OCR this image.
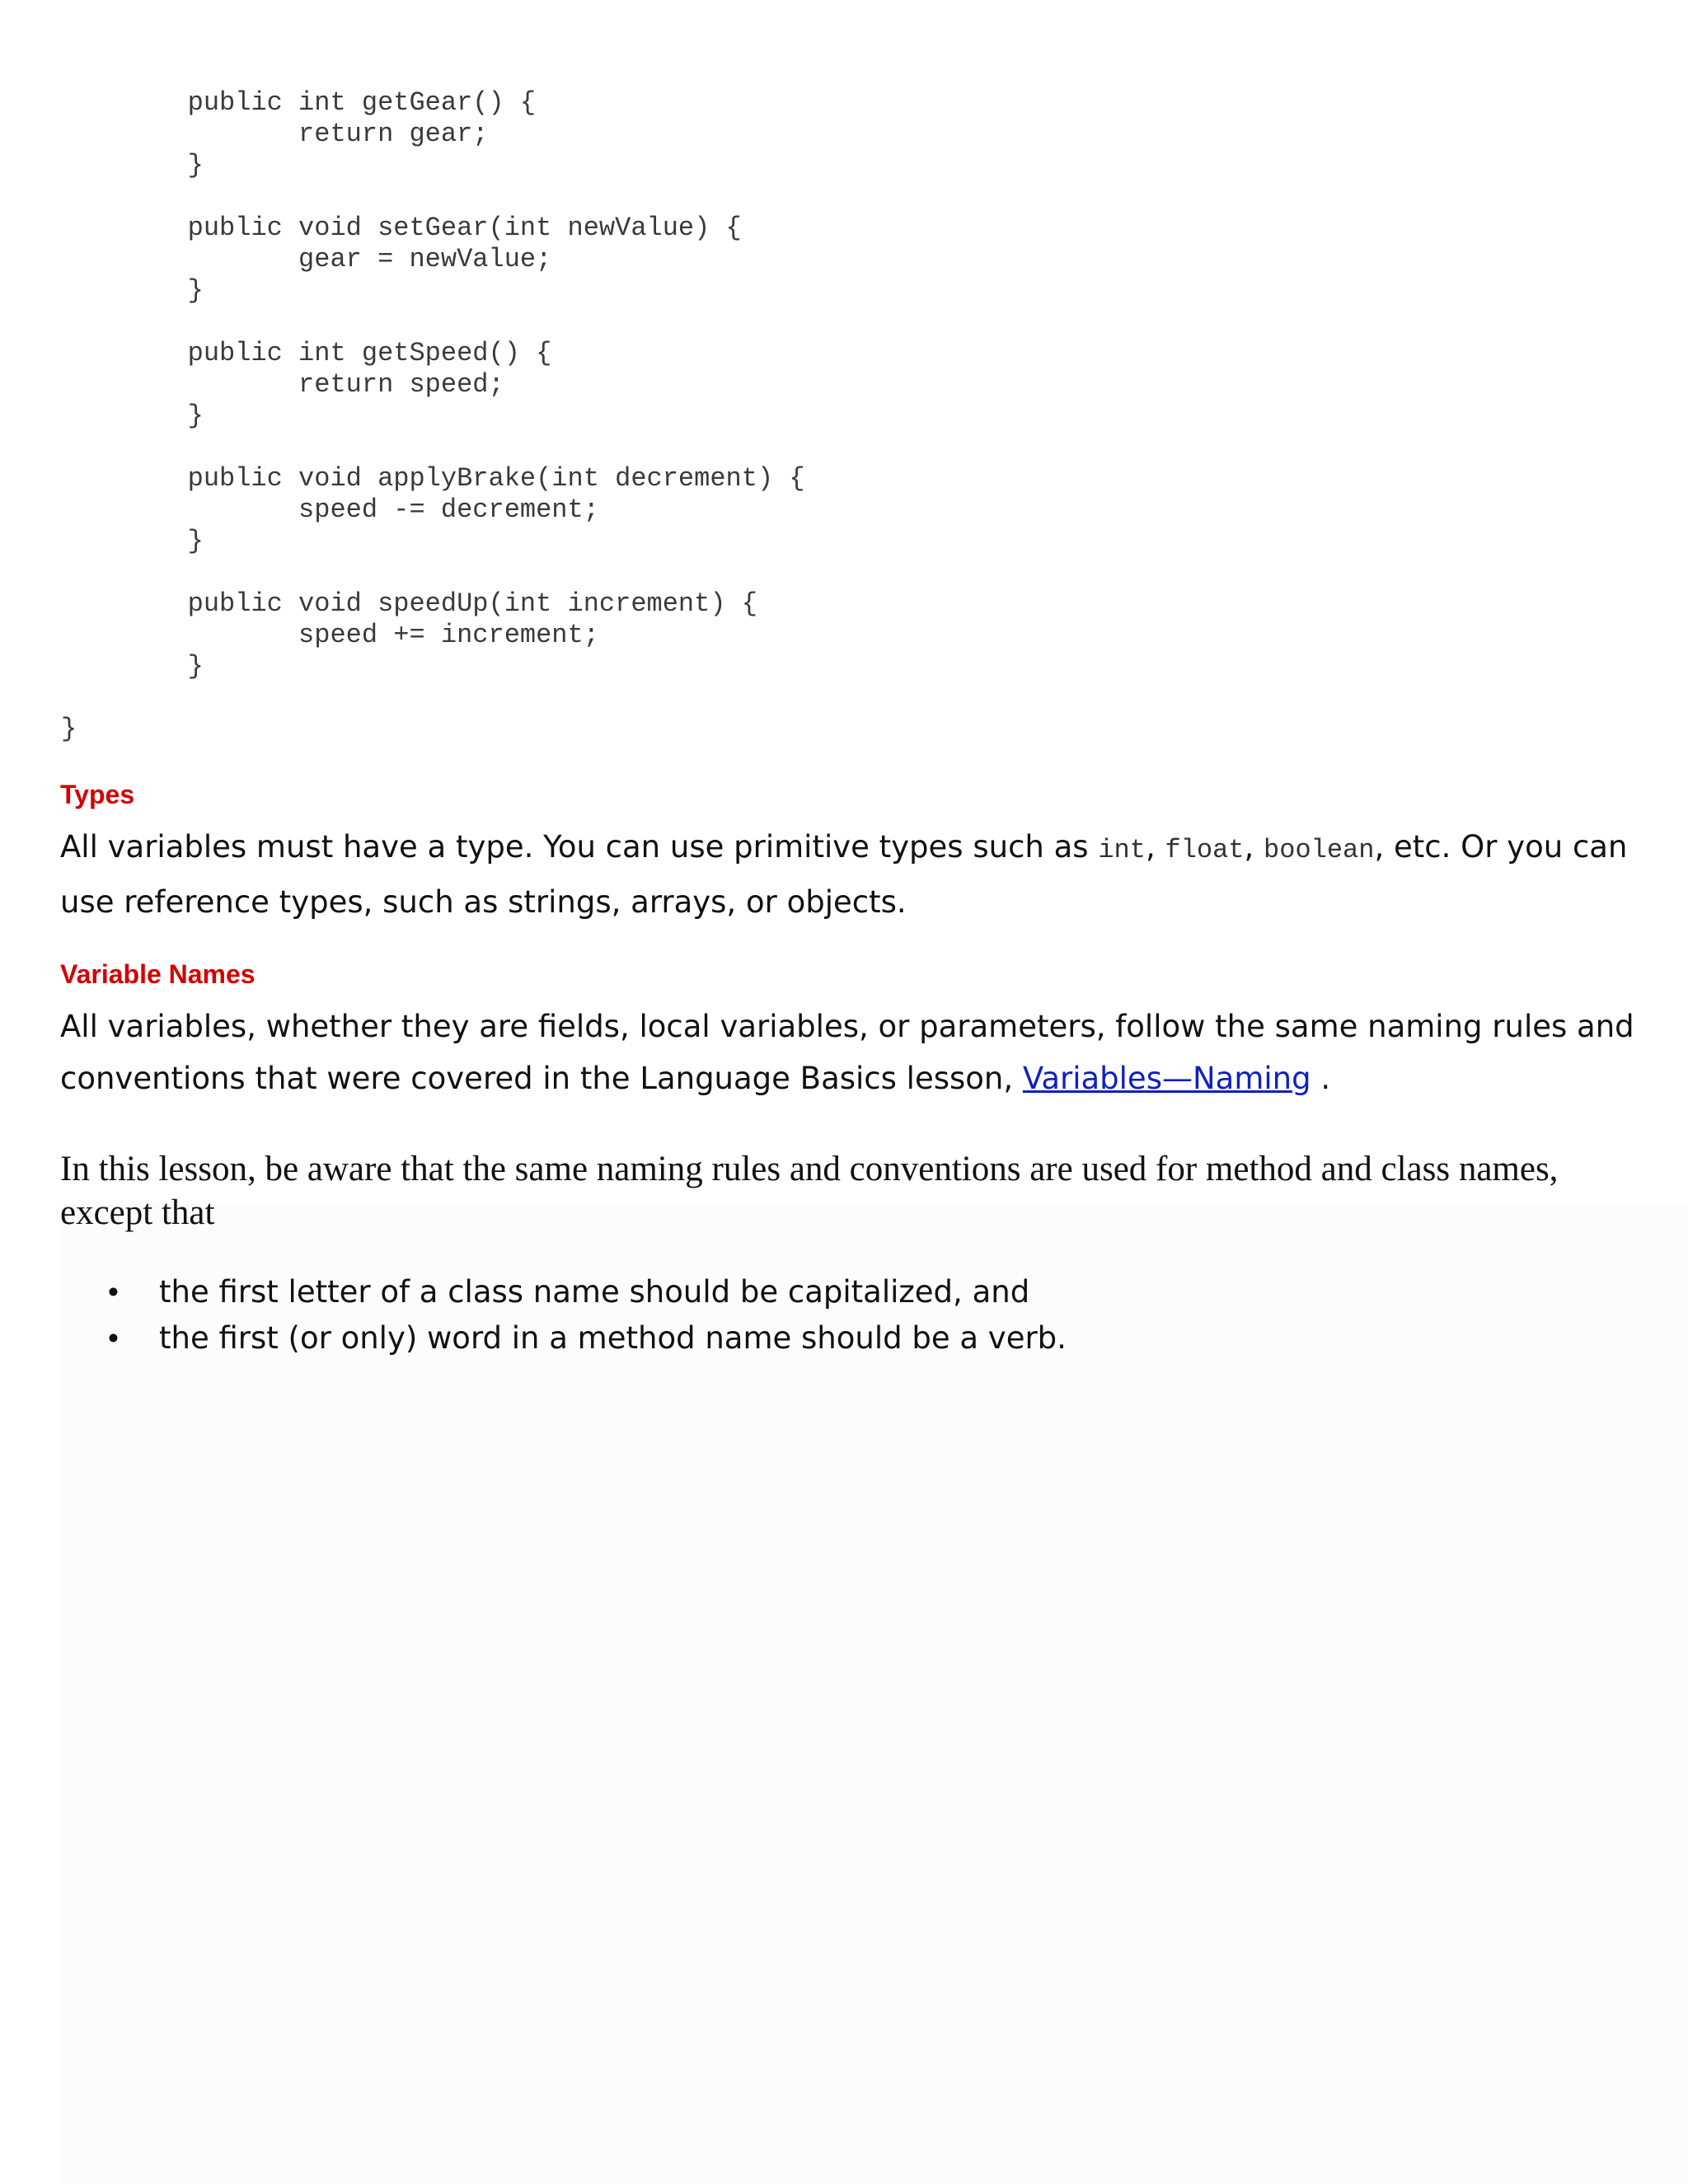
public int getGear() {
return gear;
}
public void setGear(int newValue) {
gear = newValue;
}
public int getSpeed() {
return speed;
}
public void applyBrake(int decrement) {
speed -= decrement;
}
public void speedUp(int increment) {
speed += increment;
}
}
Types

All variables must have a type. You can use primitive types such as int, float, boolean, etc. Or you can use reference types, such as strings, arrays, or objects.

Variable Names

All variables, whether they are fields, local variables, or parameters, follow the same naming rules and conventions that were covered in the Language Basics lesson, Variables—Naming .

In this lesson, be aware that the same naming rules and conventions are used for method and class names, except that

• the first letter of a class name should be capitalized, and
• the first (or only) word in a method name should be a verb.
